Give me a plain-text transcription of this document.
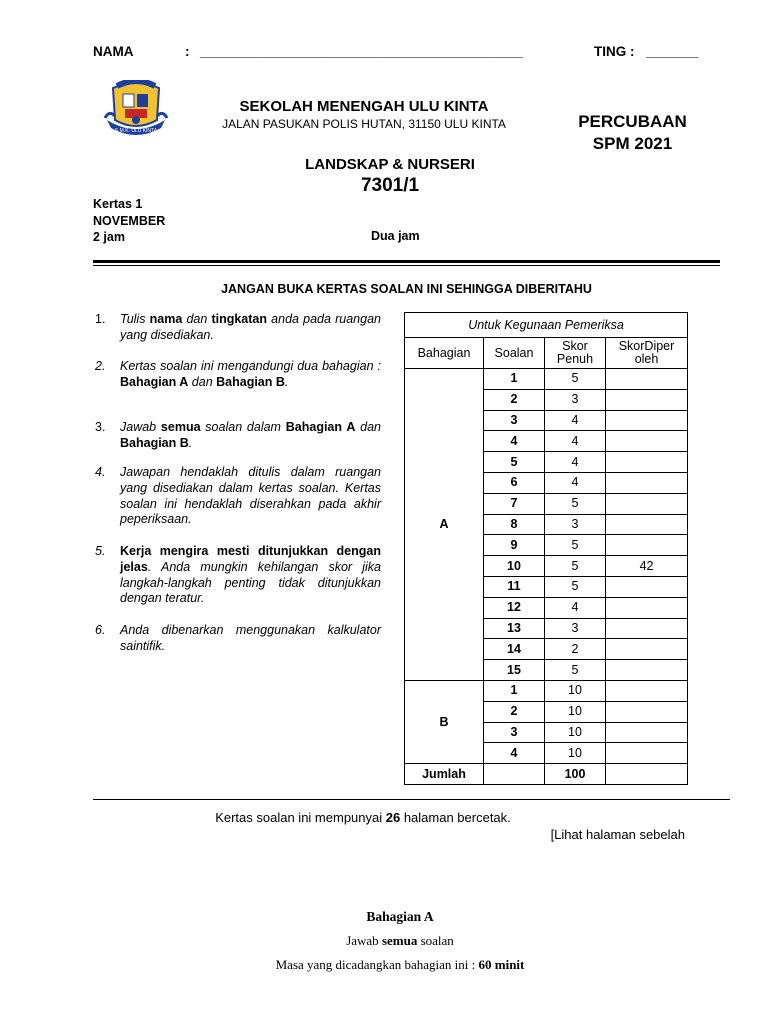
NAMA	: ___________________________________________	TING : _______
S.M.K. ULU KINTA
SEKOLAH MENENGAH ULU KINTA
JALAN PASUKAN POLIS HUTAN, 31150 ULU KINTA	PERCUBAAN
SPM 2021
LANDSKAP & NURSERI
7301/1
Kertas 1
NOVEMBER
2 jam	Dua jam
JANGAN BUKA KERTAS SOALAN INI SEHINGGA DIBERITAHU
1. Tulis nama dan tingkatan anda pada ruangan yang disediakan.
2. Kertas soalan ini mengandungi dua bahagian : Bahagian A dan Bahagian B.
3. Jawab semua soalan dalam Bahagian A dan Bahagian B.
4. Jawapan hendaklah ditulis dalam ruangan yang disediakan dalam kertas soalan. Kertas soalan ini hendaklah diserahkan pada akhir peperiksaan.
5. Kerja mengira mesti ditunjukkan dengan jelas. Anda mungkin kehilangan skor jika langkah-langkah penting tidak ditunjukkan dengan teratur.
6. Anda dibenarkan menggunakan kalkulator saintifik.
Untuk Kegunaan Pemeriksa			
Bahagian	Soalan	Skor Penuh	SkorDiper oleh
A	1	5	
	2	3	
	3	4	
	4	4	
	5	4	
	6	4	
	7	5	
	8	3	
	9	5	
	10	5	42
	11	5	
	12	4	
	13	3	
	14	2	
	15	5	
B	1	10	
	2	10	
	3	10	
	4	10	
Jumlah		100	
Kertas soalan ini mempunyai 26 halaman bercetak.
[Lihat halaman sebelah
Bahagian A
Jawab semua soalan
Masa yang dicadangkan bahagian ini : 60 minit
